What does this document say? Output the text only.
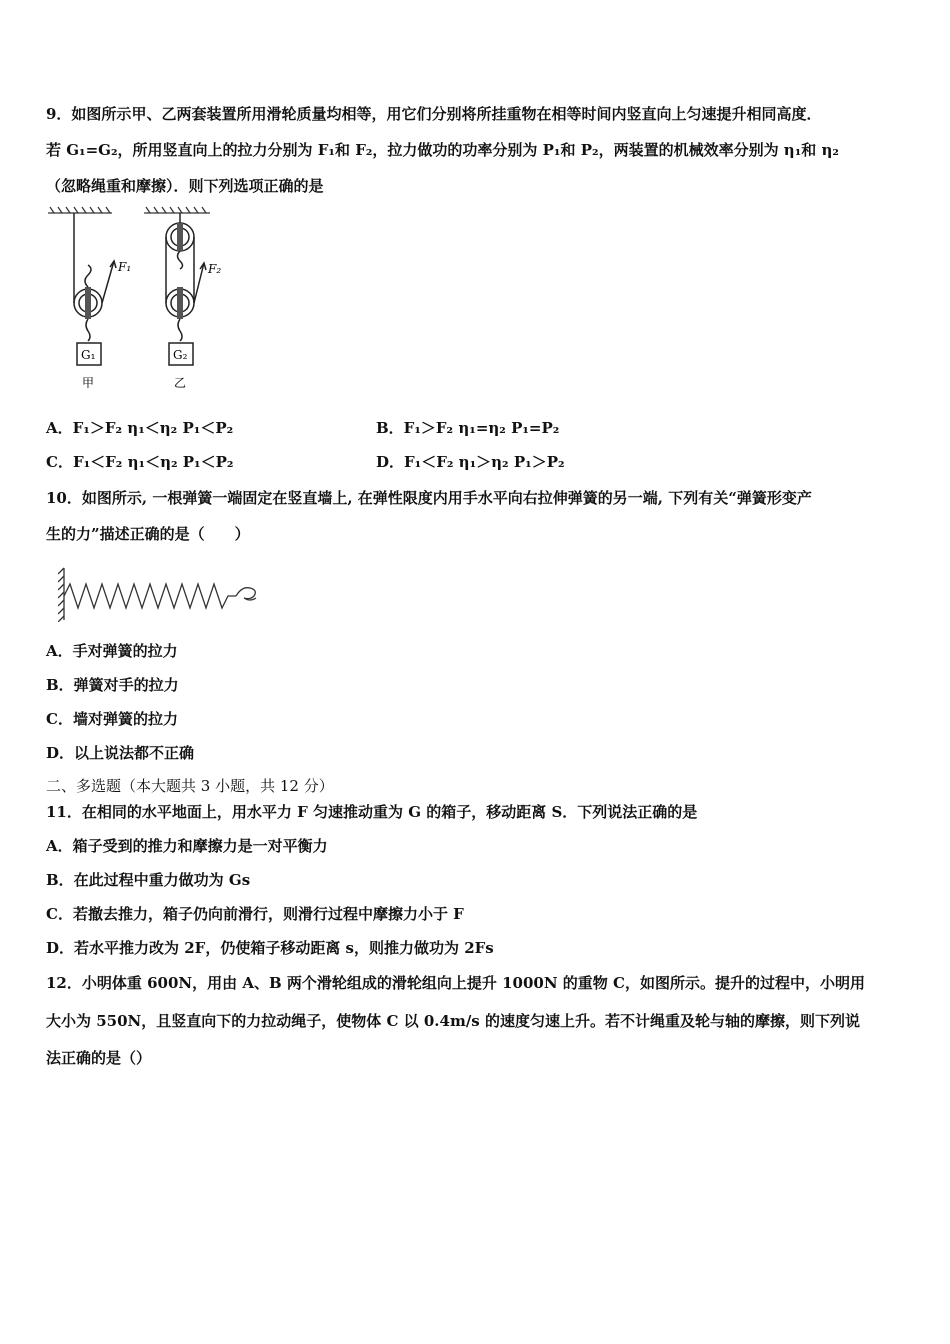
9．如图所示甲、乙两套装置所用滑轮质量均相等，用它们分别将所挂重物在相等时间内竖直向上匀速提升相同高度．
若 G₁=G₂，所用竖直向上的拉力分别为 F₁和 F₂，拉力做功的功率分别为 P₁和 P₂，两装置的机械效率分别为 η₁和 η₂
（忽略绳重和摩擦）．则下列选项正确的是
F₁
G₁
甲
F₂
G₂
乙
A．F₁＞F₂ η₁＜η₂ P₁＜P₂	B．F₁＞F₂ η₁=η₂ P₁=P₂
C．F₁＜F₂ η₁＜η₂ P₁＜P₂	D．F₁＜F₂ η₁＞η₂ P₁＞P₂
10．如图所示, 一根弹簧一端固定在竖直墙上, 在弹性限度内用手水平向右拉伸弹簧的另一端, 下列有关“弹簧形变产
生的力”描述正确的是（　　）
A．手对弹簧的拉力
B．弹簧对手的拉力
C．墙对弹簧的拉力
D．以上说法都不正确
二、多选题（本大题共 3 小题，共 12 分）
11．在相同的水平地面上，用水平力 F 匀速推动重为 G 的箱子，移动距离 S．下列说法正确的是
A．箱子受到的推力和摩擦力是一对平衡力
B．在此过程中重力做功为 Gs
C．若撤去推力，箱子仍向前滑行，则滑行过程中摩擦力小于 F
D．若水平推力改为 2F，仍使箱子移动距离 s，则推力做功为 2Fs
12．小明体重 600N，用由 A、B 两个滑轮组成的滑轮组向上提升 1000N 的重物 C，如图所示。提升的过程中，小明用
大小为 550N，且竖直向下的力拉动绳子，使物体 C 以 0.4m/s 的速度匀速上升。若不计绳重及轮与轴的摩擦，则下列说
法正确的是（）
